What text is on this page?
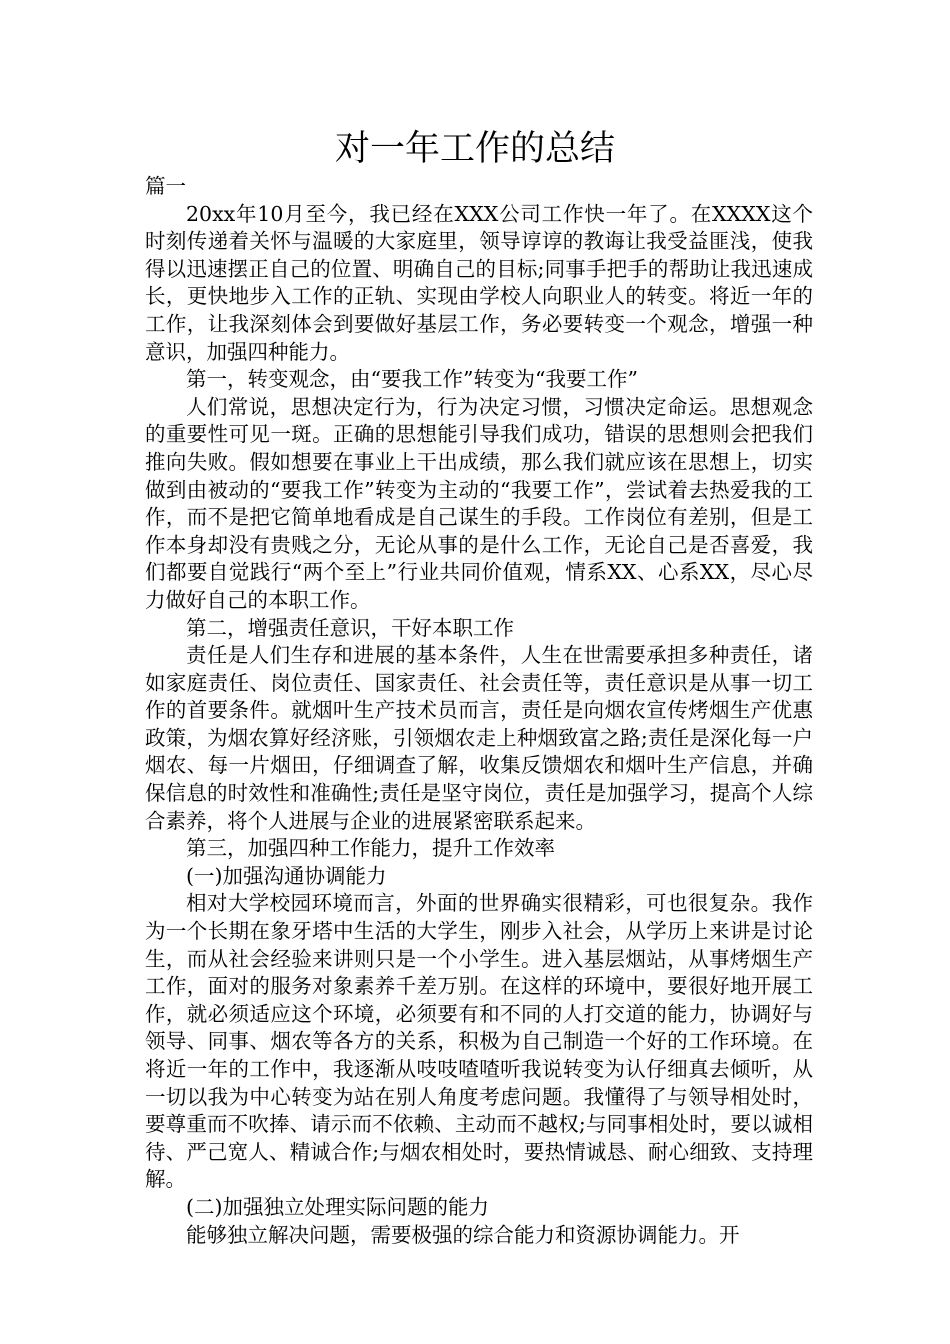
对一年工作的总结

篇一

20xx年10月至今，我已经在XXX公司工作快一年了。在XXXX这个时刻传递着关怀与温暖的大家庭里，领导谆谆的教诲让我受益匪浅，使我得以迅速摆正自己的位置、明确自己的目标;同事手把手的帮助让我迅速成长，更快地步入工作的正轨、实现由学校人向职业人的转变。将近一年的工作，让我深刻体会到要做好基层工作，务必要转变一个观念，增强一种意识，加强四种能力。

第一，转变观念，由“要我工作”转变为“我要工作”

人们常说，思想决定行为，行为决定习惯，习惯决定命运。思想观念的重要性可见一斑。正确的思想能引导我们成功，错误的思想则会把我们推向失败。假如想要在事业上干出成绩，那么我们就应该在思想上，切实做到由被动的“要我工作”转变为主动的“我要工作”，尝试着去热爱我的工作，而不是把它简单地看成是自己谋生的手段。工作岗位有差别，但是工作本身却没有贵贱之分，无论从事的是什么工作，无论自己是否喜爱，我们都要自觉践行“两个至上”行业共同价值观，情系XX、心系XX，尽心尽力做好自己的本职工作。

第二，增强责任意识，干好本职工作

责任是人们生存和进展的基本条件，人生在世需要承担多种责任，诸如家庭责任、岗位责任、国家责任、社会责任等，责任意识是从事一切工作的首要条件。就烟叶生产技术员而言，责任是向烟农宣传烤烟生产优惠政策，为烟农算好经济账，引领烟农走上种烟致富之路;责任是深化每一户烟农、每一片烟田，仔细调查了解，收集反馈烟农和烟叶生产信息，并确保信息的时效性和准确性;责任是坚守岗位，责任是加强学习，提高个人综合素养，将个人进展与企业的进展紧密联系起来。

第三，加强四种工作能力，提升工作效率

(一)加强沟通协调能力

相对大学校园环境而言，外面的世界确实很精彩，可也很复杂。我作为一个长期在象牙塔中生活的大学生，刚步入社会，从学历上来讲是讨论生，而从社会经验来讲则只是一个小学生。进入基层烟站，从事烤烟生产工作，面对的服务对象素养千差万别。在这样的环境中，要很好地开展工作，就必须适应这个环境，必须要有和不同的人打交道的能力，协调好与领导、同事、烟农等各方的关系，积极为自己制造一个好的工作环境。在将近一年的工作中，我逐渐从吱吱喳喳听我说转变为认仔细真去倾听，从一切以我为中心转变为站在别人角度考虑问题。我懂得了与领导相处时，要尊重而不吹捧、请示而不依赖、主动而不越权;与同事相处时，要以诚相待、严己宽人、精诚合作;与烟农相处时，要热情诚恳、耐心细致、支持理解。

(二)加强独立处理实际问题的能力

能够独立解决问题，需要极强的综合能力和资源协调能力。开
